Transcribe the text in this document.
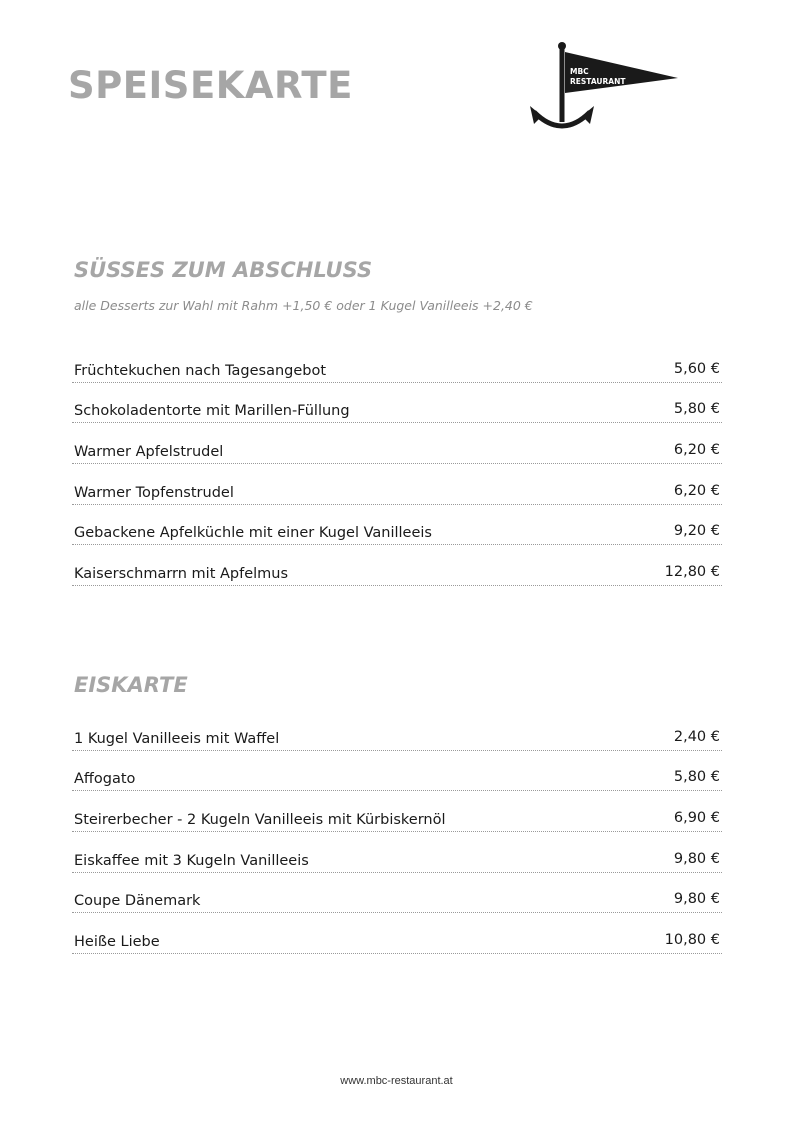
SPEISEKARTE	MBC
RESTAURANT
SÜSSES ZUM ABSCHLUSS
alle Desserts zur Wahl mit Rahm +1,50 € oder 1 Kugel Vanilleeis +2,40 €
Früchtekuchen nach Tagesangebot	5,60 €
Schokoladentorte mit Marillen-Füllung	5,80 €
Warmer Apfelstrudel	6,20 €
Warmer Topfenstrudel	6,20 €
Gebackene Apfelküchle mit einer Kugel Vanilleeis	9,20 €
Kaiserschmarrn mit Apfelmus	12,80 €
EISKARTE
1 Kugel Vanilleeis mit Waffel	2,40 €
Affogato	5,80 €
Steirerbecher - 2 Kugeln Vanilleeis mit Kürbiskernöl	6,90 €
Eiskaffee mit 3 Kugeln Vanilleeis	9,80 €
Coupe Dänemark	9,80 €
Heiße Liebe	10,80 €
www.mbc-restaurant.at
